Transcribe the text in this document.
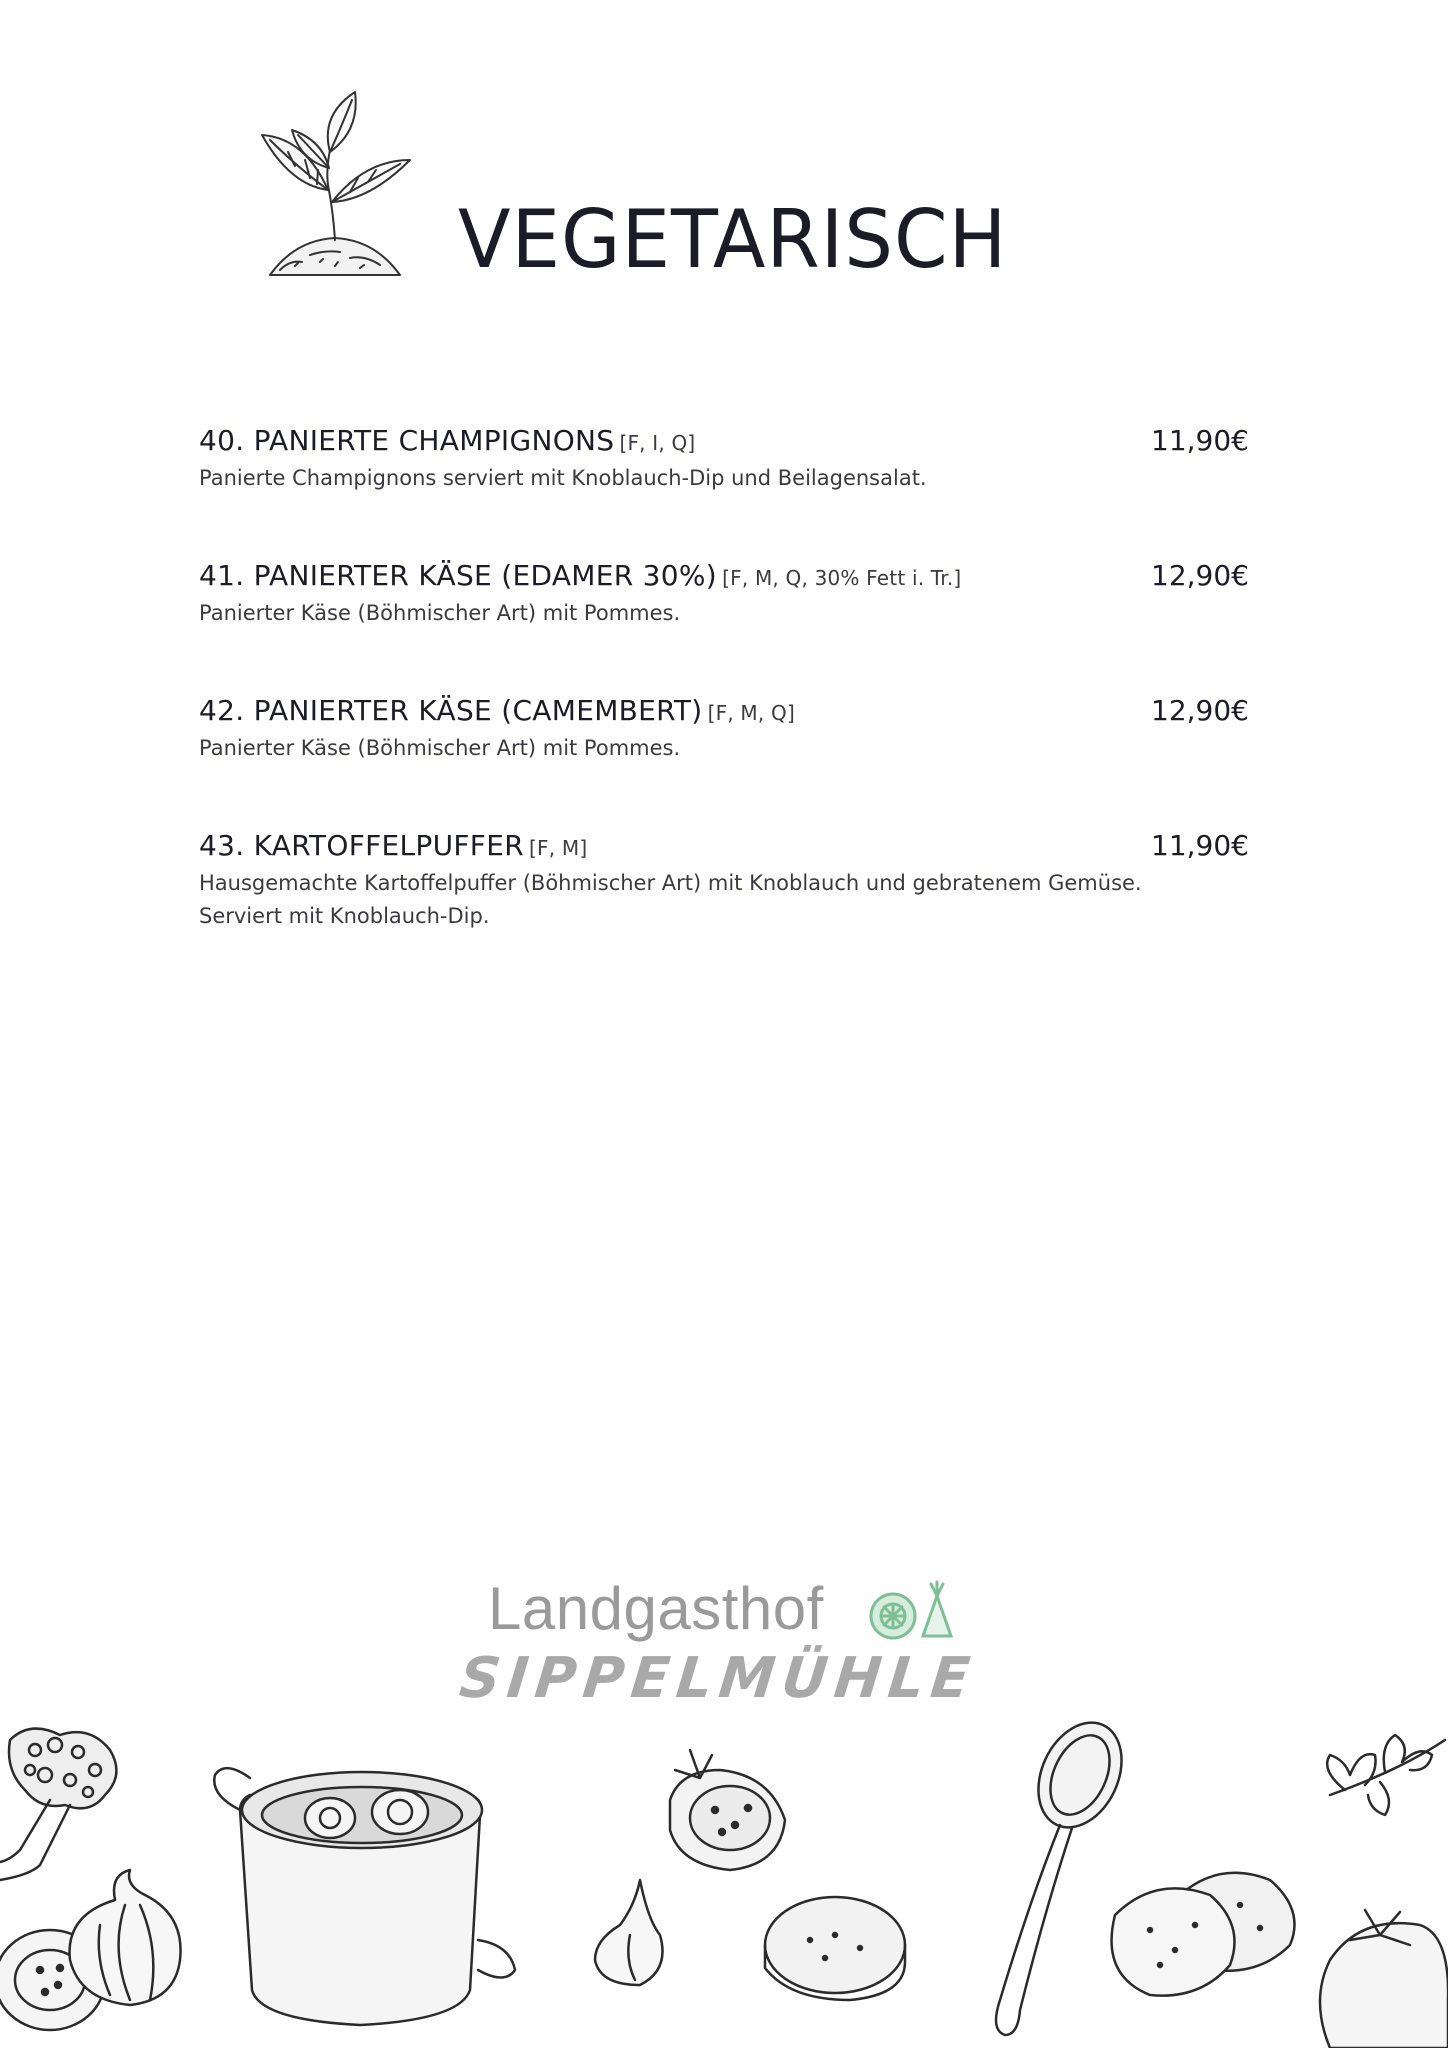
VEGETARISCH
40. PANIERTE CHAMPIGNONS [F, I, Q]	11,90€
Panierte Champignons serviert mit Knoblauch-Dip und Beilagensalat.
41. PANIERTER KÄSE (EDAMER 30%) [F, M, Q, 30% Fett i. Tr.]	12,90€
Panierter Käse (Böhmischer Art) mit Pommes.
42. PANIERTER KÄSE (CAMEMBERT) [F, M, Q]	12,90€
Panierter Käse (Böhmischer Art) mit Pommes.
43. KARTOFFELPUFFER [F, M]	11,90€
Hausgemachte Kartoffelpuffer (Böhmischer Art) mit Knoblauch und gebratenem Gemüse.
Serviert mit Knoblauch-Dip.
Landgasthof
SIPPELMÜHLE
